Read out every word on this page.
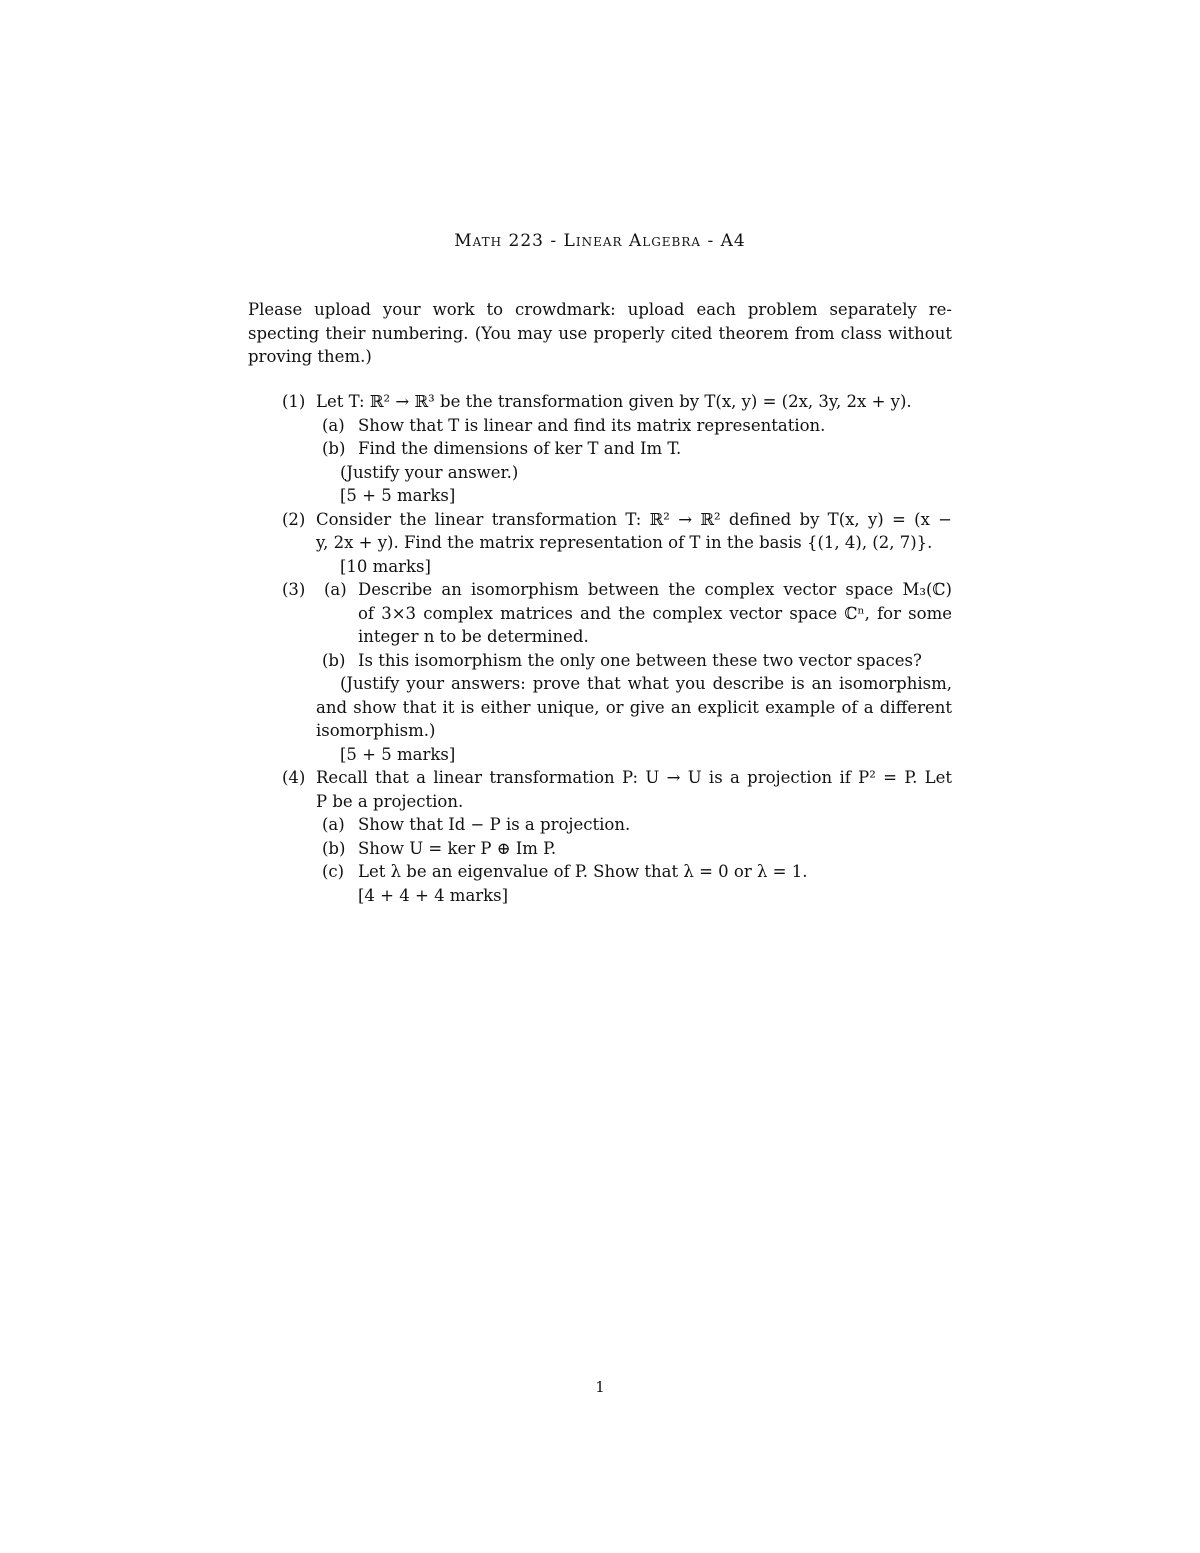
Math 223 - Linear Algebra - A4
Please upload your work to crowdmark: upload each problem separately re-
specting their numbering. (You may use properly cited theorem from class without
proving them.)
(1) Let T: ℝ² → ℝ³ be the transformation given by T(x, y) = (2x, 3y, 2x + y).
(a) Show that T is linear and find its matrix representation.
(b) Find the dimensions of ker T and Im T.
(Justify your answer.)
[5 + 5 marks]
(2) Consider the linear transformation T: ℝ² → ℝ² defined by T(x, y) = (x −
y, 2x + y). Find the matrix representation of T in the basis {(1, 4), (2, 7)}.
[10 marks]
(3) (a) Describe an isomorphism between the complex vector space M₃(ℂ)
of 3×3 complex matrices and the complex vector space ℂⁿ, for some
integer n to be determined.
(b) Is this isomorphism the only one between these two vector spaces?
(Justify your answers: prove that what you describe is an isomorphism,
and show that it is either unique, or give an explicit example of a different
isomorphism.)
[5 + 5 marks]
(4) Recall that a linear transformation P: U → U is a projection if P² = P. Let
P be a projection.
(a) Show that Id − P is a projection.
(b) Show U = ker P ⊕ Im P.
(c) Let λ be an eigenvalue of P. Show that λ = 0 or λ = 1.
[4 + 4 + 4 marks]
1
